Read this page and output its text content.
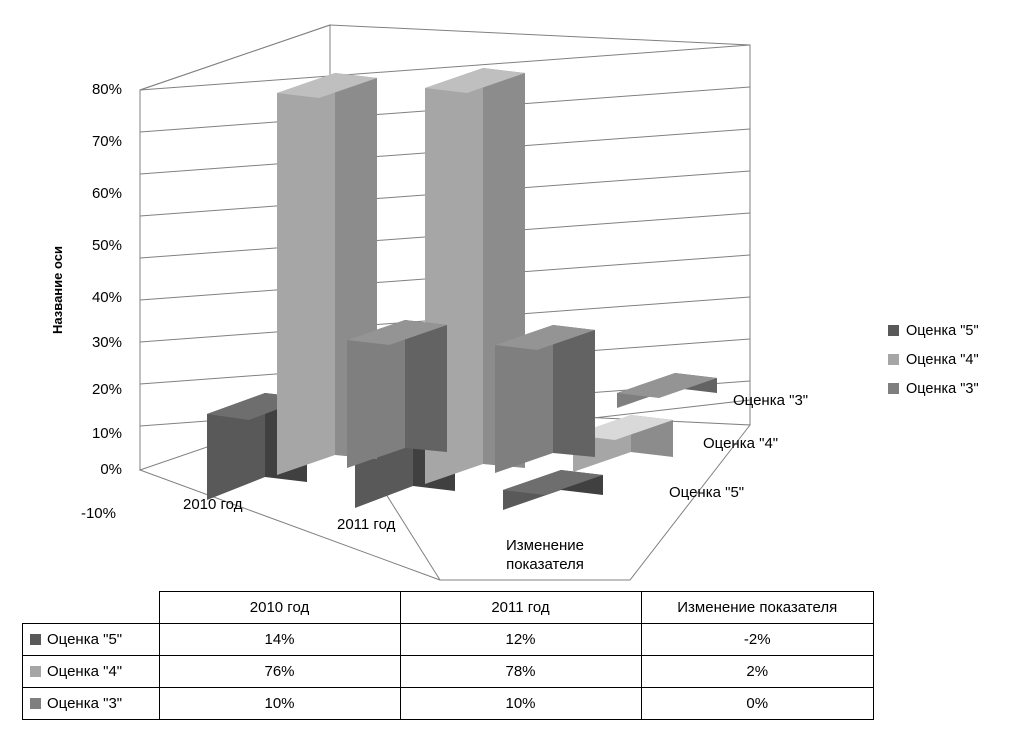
Название оси
80%
70%
60%
50%
40%
30%
20%
10%
0%
-10%
2010 год
2011 год
Изменение
показателя
Оценка "3"
Оценка "4"
Оценка "5"
Оценка "5"
Оценка "4"
Оценка "3"
	2010 год	2011 год	Изменение показателя

Оценка "5"	14%	12%	-2%

Оценка "4"	76%	78%	2%

Оценка "3"	10%	10%	0%
